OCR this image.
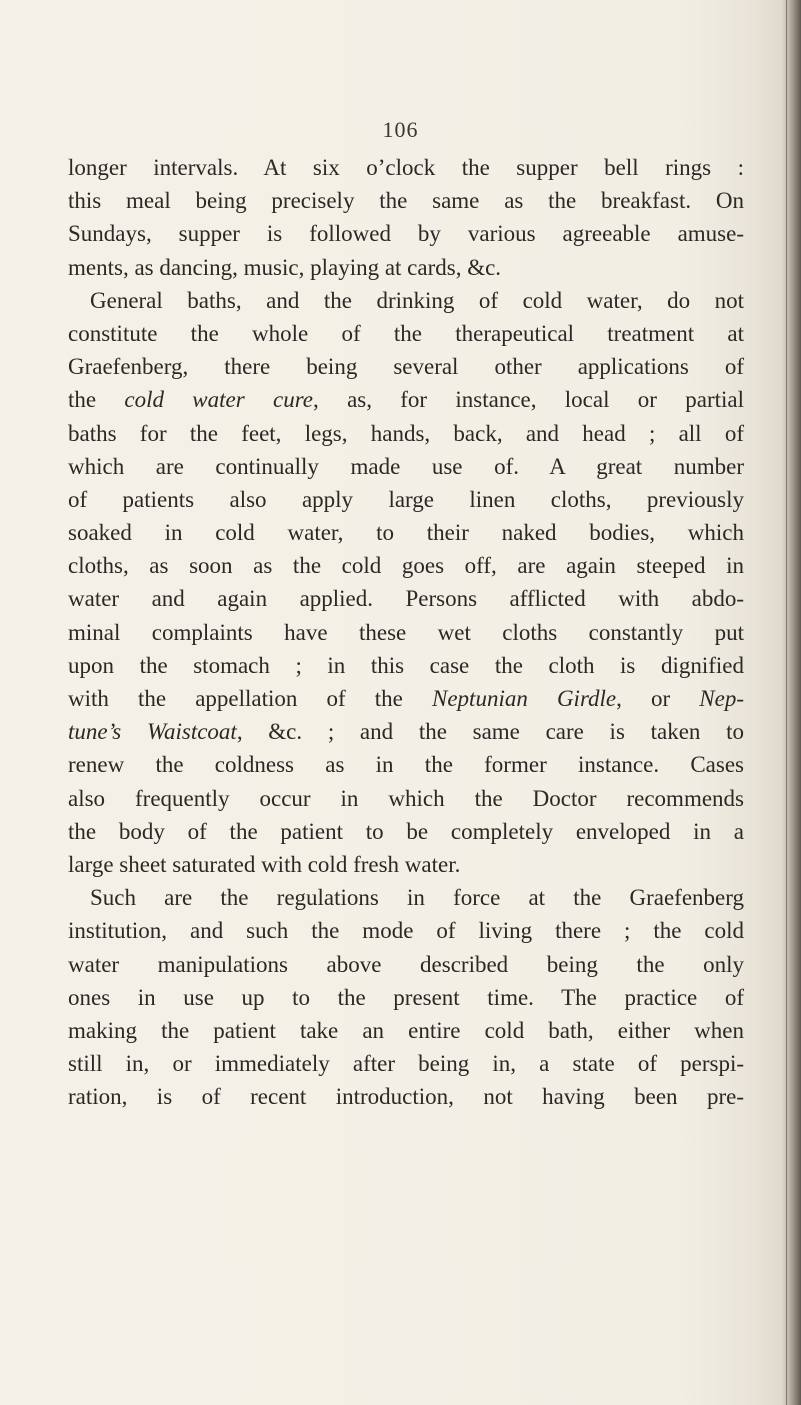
106
longer intervals. At six o’clock the supper bell rings :
this meal being precisely the same as the breakfast. On
Sundays, supper is followed by various agreeable amuse-
ments, as dancing, music, playing at cards, &c.
General baths, and the drinking of cold water, do not
constitute the whole of the therapeutical treatment at
Graefenberg, there being several other applications of
the cold water cure, as, for instance, local or partial
baths for the feet, legs, hands, back, and head ; all of
which are continually made use of. A great number
of patients also apply large linen cloths, previously
soaked in cold water, to their naked bodies, which
cloths, as soon as the cold goes off, are again steeped in
water and again applied. Persons afflicted with abdo-
minal complaints have these wet cloths constantly put
upon the stomach ; in this case the cloth is dignified
with the appellation of the Neptunian Girdle, or Nep-
tune’s Waistcoat, &c. ; and the same care is taken to
renew the coldness as in the former instance. Cases
also frequently occur in which the Doctor recommends
the body of the patient to be completely enveloped in a
large sheet saturated with cold fresh water.
Such are the regulations in force at the Graefenberg
institution, and such the mode of living there ; the cold
water manipulations above described being the only
ones in use up to the present time. The practice of
making the patient take an entire cold bath, either when
still in, or immediately after being in, a state of perspi-
ration, is of recent introduction, not having been pre-
